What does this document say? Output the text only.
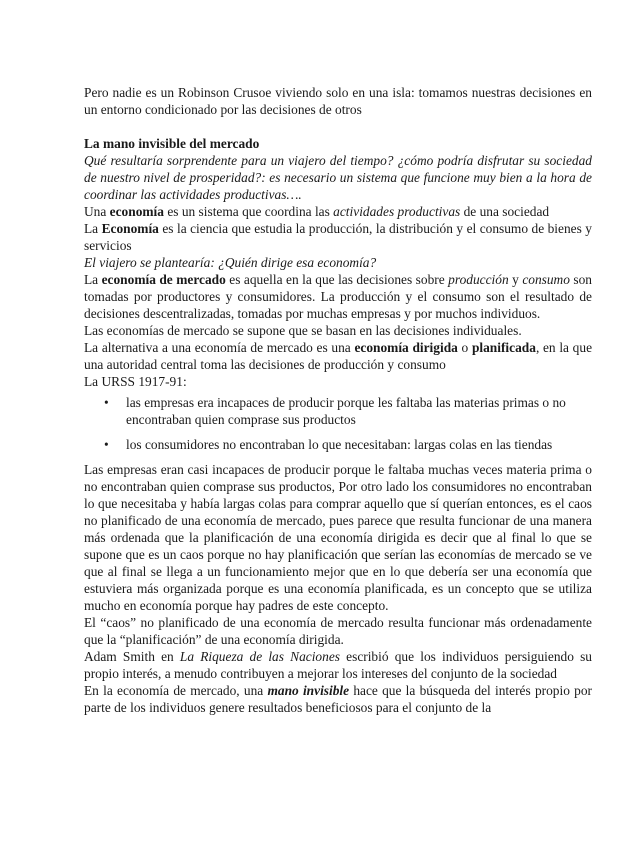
Pero nadie es un Robinson Crusoe viviendo solo en una isla: tomamos nuestras decisiones en un entorno condicionado por las decisiones de otros

La mano invisible del mercado

Qué resultaría sorprendente para un viajero del tiempo? ¿cómo podría disfrutar su sociedad de nuestro nivel de prosperidad?: es necesario un sistema que funcione muy bien a la hora de coordinar las actividades productivas….

Una economía es un sistema que coordina las actividades productivas de una sociedad

La Economía es la ciencia que estudia la producción, la distribución y el consumo de bienes y servicios

El viajero se plantearía: ¿Quién dirige esa economía?

La economía de mercado es aquella en la que las decisiones sobre producción y consumo son tomadas por productores y consumidores. La producción y el consumo son el resultado de decisiones descentralizadas, tomadas por muchas empresas y por muchos individuos.

Las economías de mercado se supone que se basan en las decisiones individuales.

La alternativa a una economía de mercado es una economía dirigida o planificada, en la que una autoridad central toma las decisiones de producción y consumo

La URSS 1917-91:

• las empresas era incapaces de producir porque les faltaba las materias primas o no encontraban quien comprase sus productos
• los consumidores no encontraban lo que necesitaban: largas colas en las tiendas

Las empresas eran casi incapaces de producir porque le faltaba muchas veces materia prima o no encontraban quien comprase sus productos, Por otro lado los consumidores no encontraban lo que necesitaba y había largas colas para comprar aquello que sí querían entonces, es el caos no planificado de una economía de mercado, pues parece que resulta funcionar de una manera más ordenada que la planificación de una economía dirigida es decir que al final lo que se supone que es un caos porque no hay planificación que serían las economías de mercado se ve que al final se llega a un funcionamiento mejor que en lo que debería ser una economía que estuviera más organizada porque es una economía planificada, es un concepto que se utiliza mucho en economía porque hay padres de este concepto.

El “caos” no planificado de una economía de mercado resulta funcionar más ordenadamente que la “planificación” de una economía dirigida.

Adam Smith en La Riqueza de las Naciones escribió que los individuos persiguiendo su propio interés, a menudo contribuyen a mejorar los intereses del conjunto de la sociedad

En la economía de mercado, una mano invisible hace que la búsqueda del interés propio por parte de los individuos genere resultados beneficiosos para el conjunto de la
